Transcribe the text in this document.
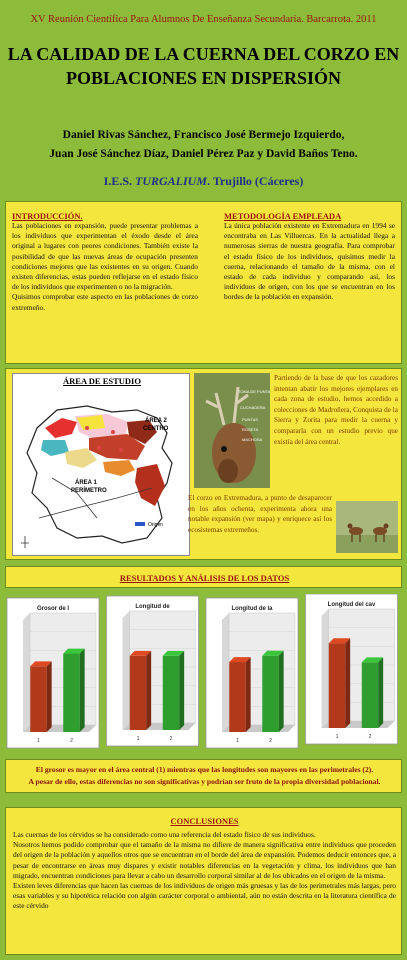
XV Reunión Científica Para Alumnos De Enseñanza Secundaria. Barcarrota. 2011
LA CALIDAD DE LA CUERNA DEL CORZO EN
POBLACIONES EN DISPERSIÓN
Daniel Rivas Sánchez, Francisco José Bermejo Izquierdo,
Juan José Sánchez Díaz, Daniel Pérez Paz y David Baños Teno.
I.E.S. TURGALIUM. Trujillo (Cáceres)
INTRODUCCIÓN.
Las poblaciones en expansión, puede presentar problemas a los individuos que experimentan el éxodo desde el área original a lugares con peores condiciones. También existe la posibilidad de que las nuevas áreas de ocupación presenten condiciones mejores que las existentes en su origen. Cuando existen diferencias, estas pueden reflejarse en el estado físico de los individuos que experimenten o no la migración.
Quisimos comprobar este aspecto en las poblaciones de corzo extremeño.
METODOLOGÍA EMPLEADA
La única población existente en Extremadura en 1994 se encontraba en Las Villuercas. En la actualidad llega a numerosas sierras de nuestra geografía. Para comprobar el estado físico de los individuos, quisimos medir la cuerna, relacionando el tamaño de la misma, con el estado de cada individuo y comparando así, los individuos de origen, con los que se encuentran en los bordes de la población en expansión.
ÁREA DE ESTUDIO
ÁREA 2
CENTRO
ÁREA 1
PERÍMETRO
Origen
TOMA DE PUNTA
CUCHADERA
PUNTAS
ROSETA
MACHOSA
Partiendo de la base de que los cazadores intentan abatir los mejores ejemplares en cada zona de estudio, hemos accedido a colecciones de Madroñera, Conquista de la Sierra y Zorita para medir la cuerna y compararla con un estudio previo que existía del área central.
El corzo en Extremadura, a punto de desaparecer en los años ochenta, experimenta ahora una notable expansión (ver mapa) y enriquece así los ecosistemas extremeños.
RESULTADOS Y ANÁLISIS DE LOS DATOS
Grosor de l
1	2
Longitud de
1	2
Longitud de la
1	2
Longitud del cav
1	2
El grosor es mayor en el área central (1) mientras que las longitudes son mayores en las perimetrales (2).
A pesar de ello, estas diferencias no son significativas y podrían ser fruto de la propia diversidad poblacional.
CONCLUSIONES
Las cuernas de los cérvidos se ha considerado como una referencia del estado físico de sus individuos.
Nosotros hemos podido comprobar que el tamaño de la misma no difiere de manera significativa entre individuos que proceden del origen de la población y aquellos otros que se encuentran en el borde del área de expansión. Podemos deducir entonces que, a pesar de encontrarse en áreas muy dispares y existir notables diferencias en la vegetación y clima, los individuos que han migrado, encuentran condiciones para llevar a cabo un desarrollo corporal similar al de los ubicados en el origen de la misma.
Existen leves diferencias que hacen las cuernas de los individuos de origen más gruesas y las de los perimetrales más largas, pero esas variables y su hipotética relación con algún carácter corporal o ambiental, aún no están descrita en la literatura científica de este cérvido
